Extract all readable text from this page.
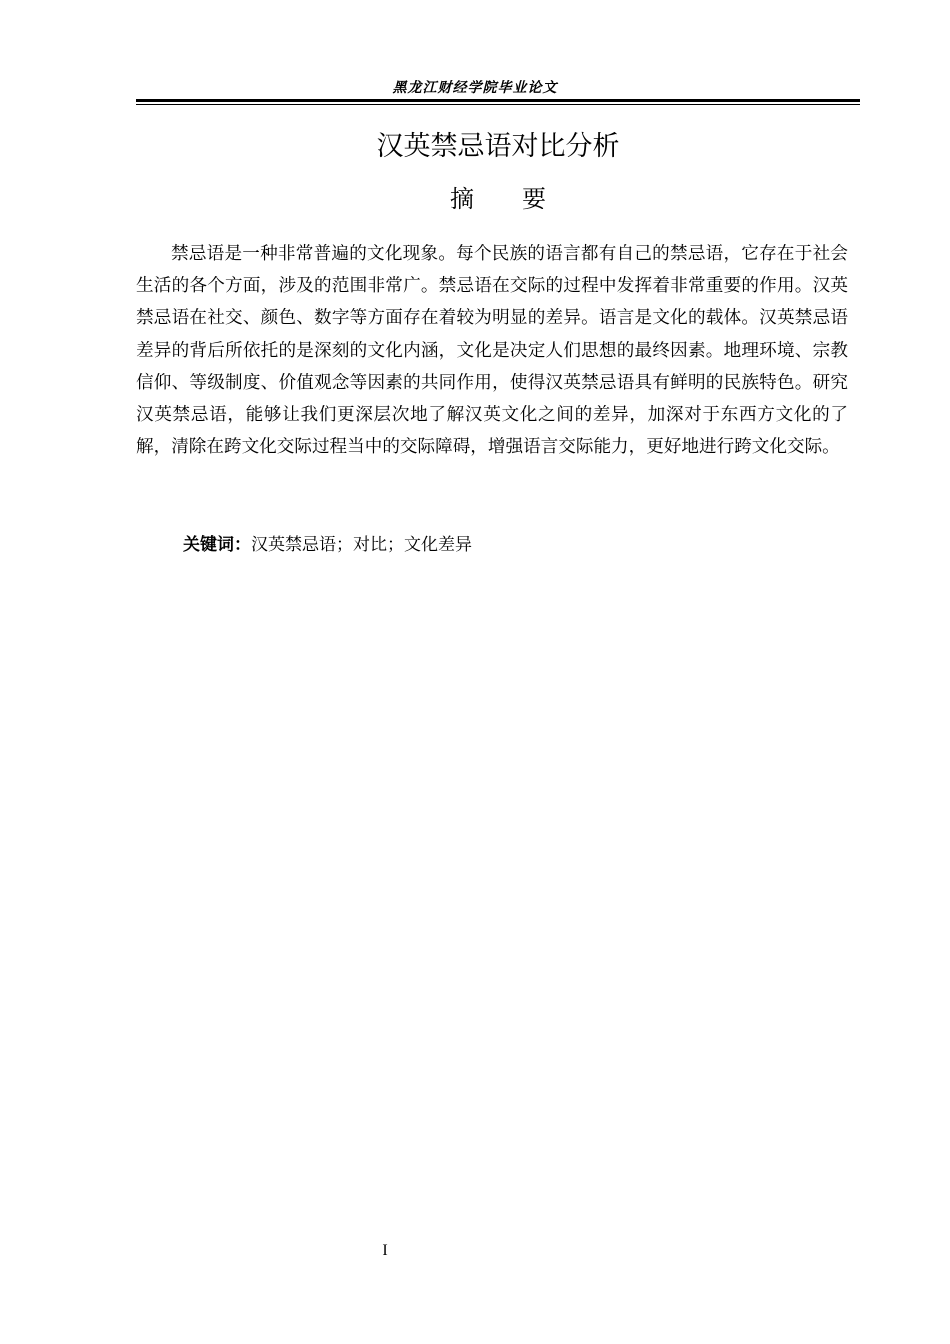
黑龙江财经学院毕业论文
汉英禁忌语对比分析
摘要

禁忌语是一种非常普遍的文化现象。每个民族的语言都有自己的禁忌语，它存在于社会生活的各个方面，涉及的范围非常广。禁忌语在交际的过程中发挥着非常重要的作用。汉英禁忌语在社交、颜色、数字等方面存在着较为明显的差异。语言是文化的载体。汉英禁忌语差异的背后所依托的是深刻的文化内涵，文化是决定人们思想的最终因素。地理环境、宗教信仰、等级制度、价值观念等因素的共同作用，使得汉英禁忌语具有鲜明的民族特色。研究汉英禁忌语，能够让我们更深层次地了解汉英文化之间的差异，加深对于东西方文化的了解，清除在跨文化交际过程当中的交际障碍，增强语言交际能力，更好地进行跨文化交际。

关键词：汉英禁忌语；对比；文化差异
I
